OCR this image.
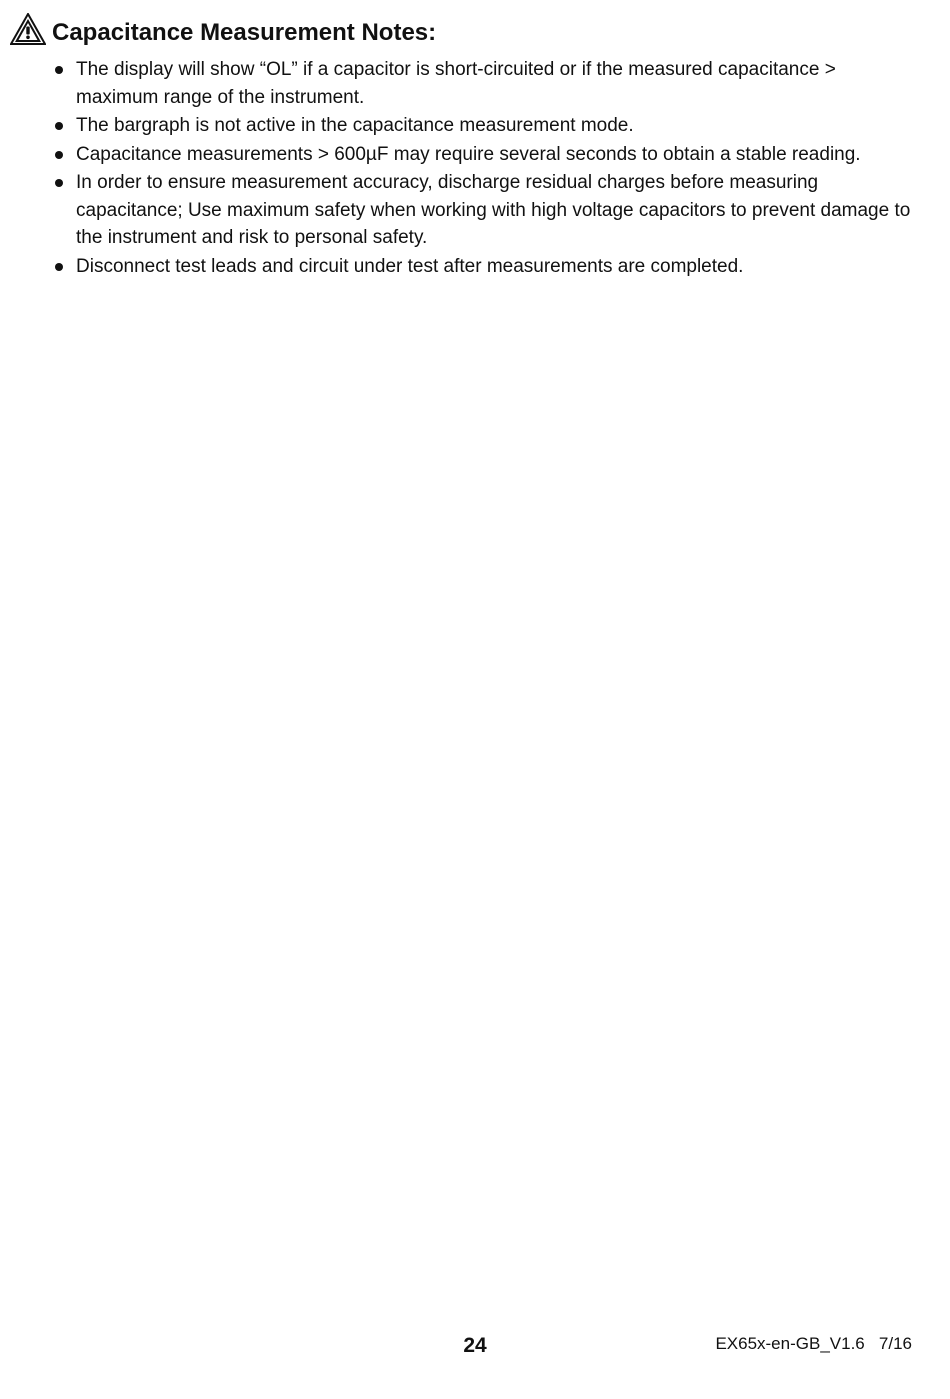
Capacitance Measurement Notes:
The display will show “OL” if a capacitor is short-circuited or if the measured capacitance > maximum range of the instrument.
The bargraph is not active in the capacitance measurement mode.
Capacitance measurements > 600µF may require several seconds to obtain a stable reading.
In order to ensure measurement accuracy, discharge residual charges before measuring capacitance; Use maximum safety when working with high voltage capacitors to prevent damage to the instrument and risk to personal safety.
Disconnect test leads and circuit under test after measurements are completed.
24	EX65x-en-GB_V1.6   7/16
